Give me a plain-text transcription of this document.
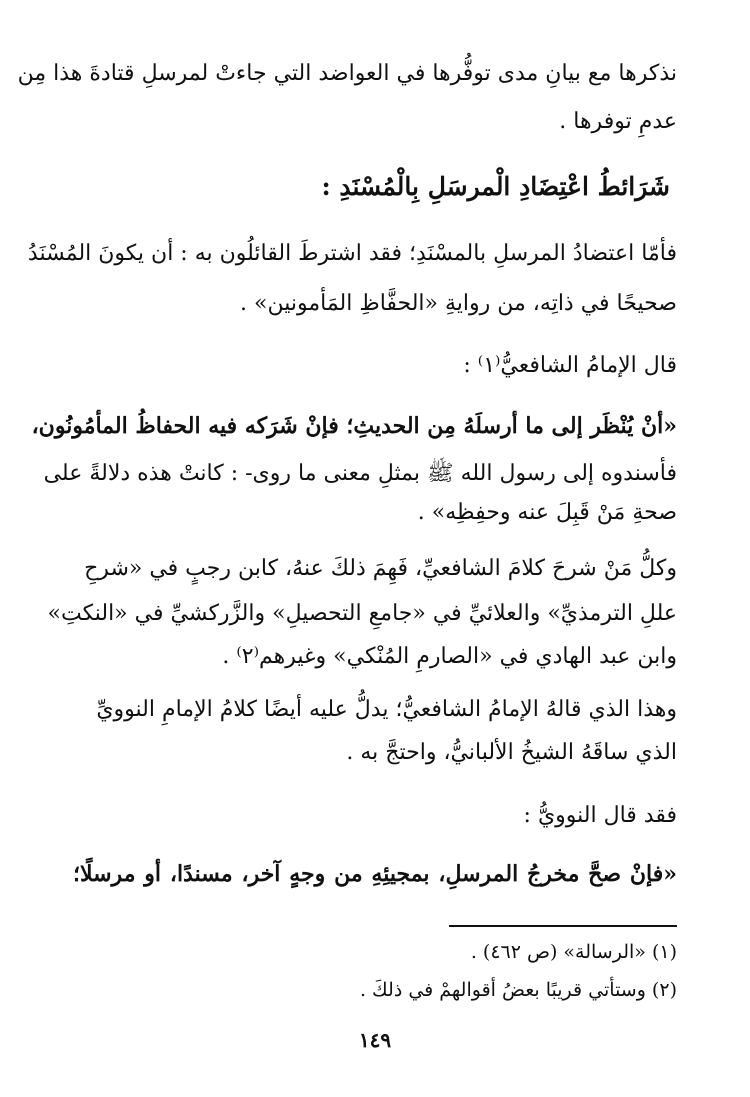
نذكرها مع بيانِ مدى توفُّرها في العواضد التي جاءتْ لمرسلِ قتادةَ هذا مِن
عدمِ توفرها .
شَرَائطُ اعْتِضَادِ الْمرسَلِ بِالْمُسْنَدِ :
فأمّا اعتضادُ المرسلِ بالمسْنَدِ؛ فقد اشترطَ القائلُون به : أن يكونَ المُسْنَدُ
صحيحًا في ذاتِه، من روايةِ «الحفَّاظِ المَأمونين» .
قال الإمامُ الشافعيُّ⁽١⁾ :
«أنْ يُنْظَر إلى ما أرسلَهُ مِن الحديثِ؛ فإنْ شَرَكه فيه الحفاظُ المأمُونُون،
فأسندوه إلى رسول الله ﷺ بمثلِ معنى ما روى- : كانتْ هذه دلالةً على
صحةِ مَنْ قَبِلَ عنه وحفِظِه» .
وكلُّ مَنْ شرحَ كلامَ الشافعيِّ، فَهِمَ ذلكَ عنهُ، كابن رجبٍ في «شرحِ
عللِ الترمذيِّ» والعلائيِّ في «جامعِ التحصيلِ» والزَّركشيِّ في «النكتِ»
وابن عبد الهادي في «الصارمِ المُنْكي» وغيرهم⁽٢⁾ .
وهذا الذي قالهُ الإمامُ الشافعيُّ؛ يدلُّ عليه أيضًا كلامُ الإمامِ النوويِّ
الذي ساقَهُ الشيخُ الألبانيُّ، واحتجَّ به .
فقد قال النوويُّ :
«فإنْ صحَّ مخرجُ المرسلِ، بمجيئِهِ من وجهٍ آخر، مسندًا، أو مرسلًا؛
(١) «الرسالة» (ص ٤٦٢) .
(٢) وستأتي قريبًا بعضُ أقوالهمْ في ذلكَ .
١٤٩
